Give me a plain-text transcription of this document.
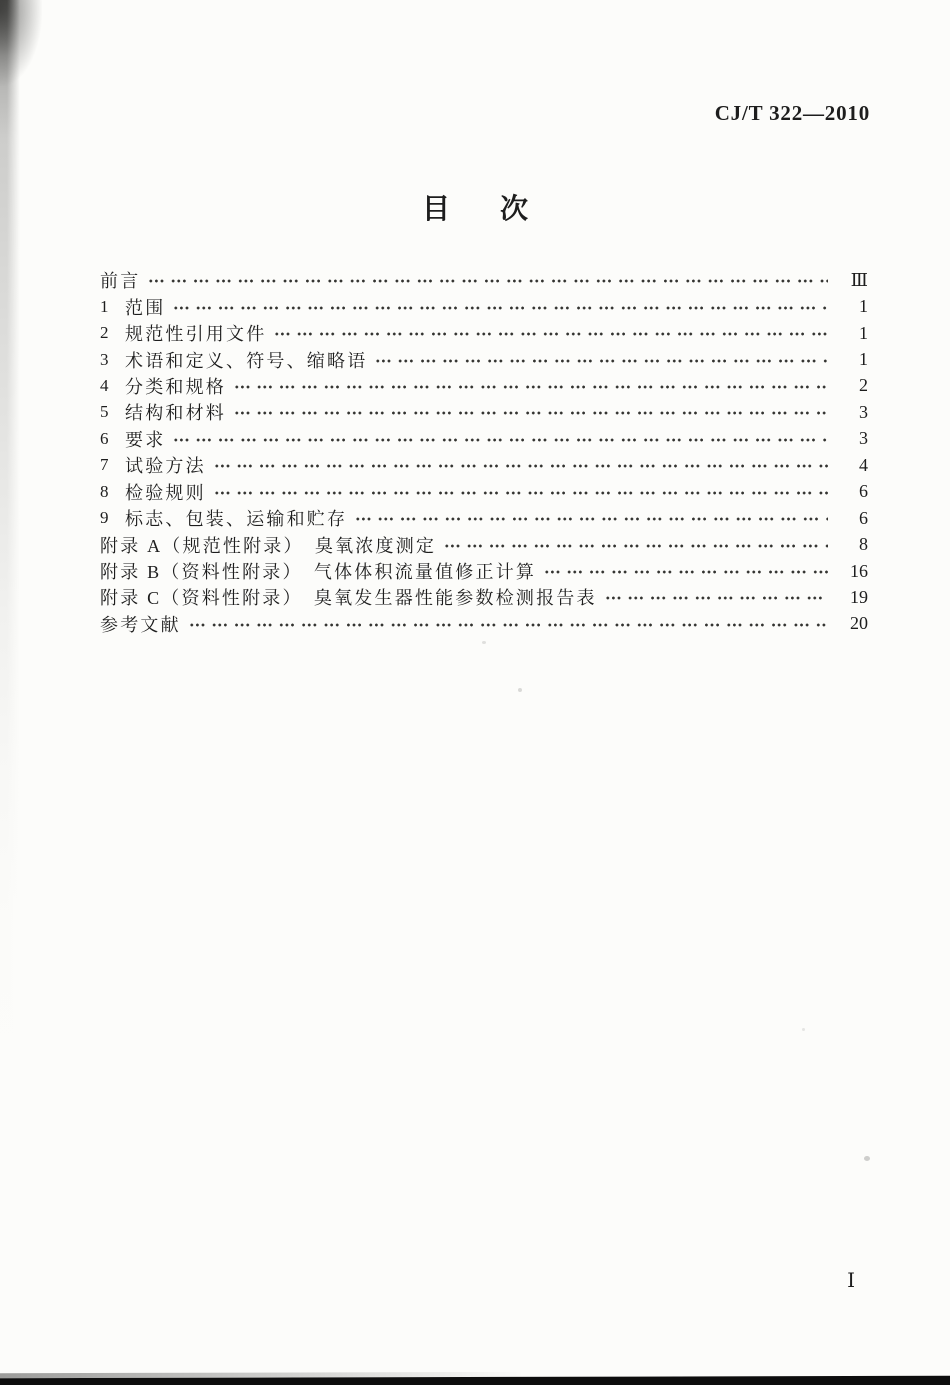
CJ/T 322—2010
目　次
前言	Ⅲ
1 范围	1
2 规范性引用文件	1
3 术语和定义、符号、缩略语	1
4 分类和规格	2
5 结构和材料	3
6 要求	3
7 试验方法	4
8 检验规则	6
9 标志、包装、运输和贮存	6
附录 A（规范性附录）　臭氧浓度测定	8
附录 B（资料性附录）　气体体积流量值修正计算	16
附录 C（资料性附录）　臭氧发生器性能参数检测报告表	19
参考文献	20
Ⅰ
